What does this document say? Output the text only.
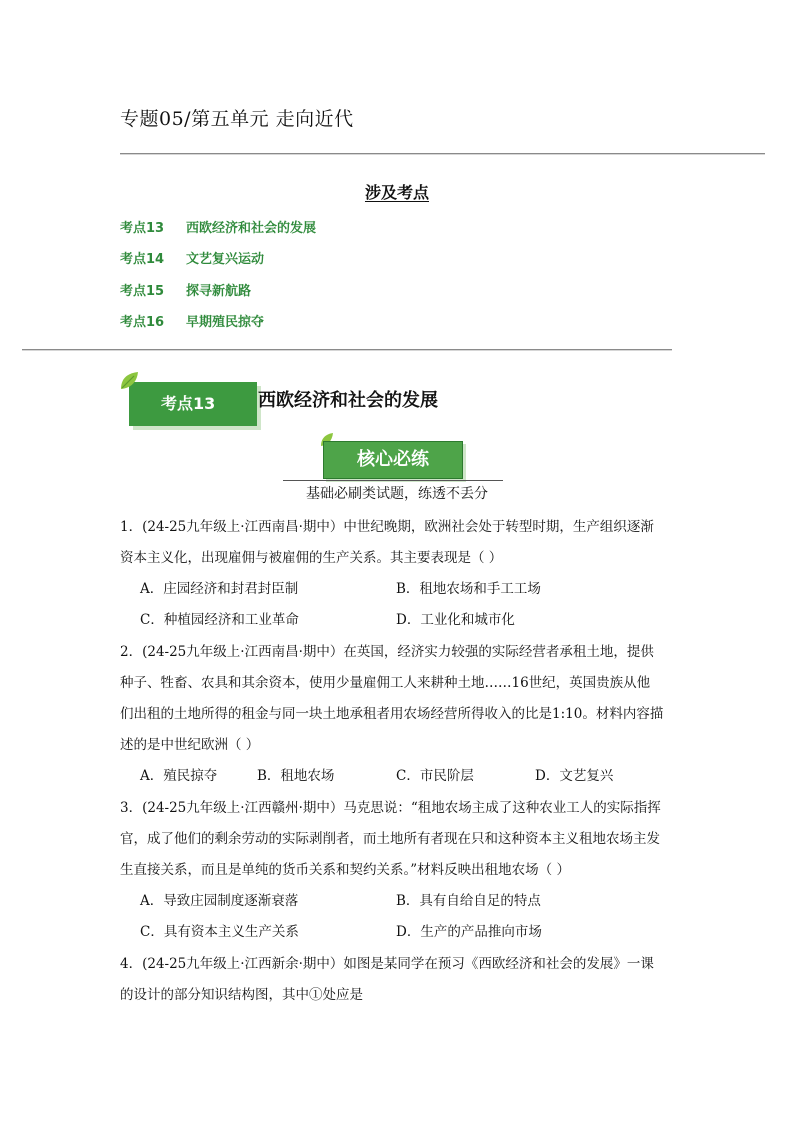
专题05/第五单元 走向近代
涉及考点
考点13 西欧经济和社会的发展
考点14 文艺复兴运动
考点15 探寻新航路
考点16 早期殖民掠夺
考点13	西欧经济和社会的发展
核心必练
基础必刷类试题，练透不丢分
1．(24-25九年级上·江西南昌·期中）中世纪晚期，欧洲社会处于转型时期，生产组织逐渐
资本主义化，出现雇佣与被雇佣的生产关系。其主要表现是（ ）
A．庄园经济和封君封臣制	B．租地农场和手工工场
C．种植园经济和工业革命	D．工业化和城市化
2．(24-25九年级上·江西南昌·期中）在英国，经济实力较强的实际经营者承租土地，提供
种子、牲畜、农具和其余资本，使用少量雇佣工人来耕种土地……16世纪，英国贵族从他
们出租的土地所得的租金与同一块土地承租者用农场经营所得收入的比是1:10。材料内容描
述的是中世纪欧洲（ ）
A．殖民掠夺	B．租地农场	C．市民阶层	D．文艺复兴
3．(24-25九年级上·江西赣州·期中）马克思说：“租地农场主成了这种农业工人的实际指挥
官，成了他们的剩余劳动的实际剥削者，而土地所有者现在只和这种资本主义租地农场主发
生直接关系，而且是单纯的货币关系和契约关系。”材料反映出租地农场（ ）
A．导致庄园制度逐渐衰落	B．具有自给自足的特点
C．具有资本主义生产关系	D．生产的产品推向市场
4．(24-25九年级上·江西新余·期中）如图是某同学在预习《西欧经济和社会的发展》一课
的设计的部分知识结构图，其中①处应是
